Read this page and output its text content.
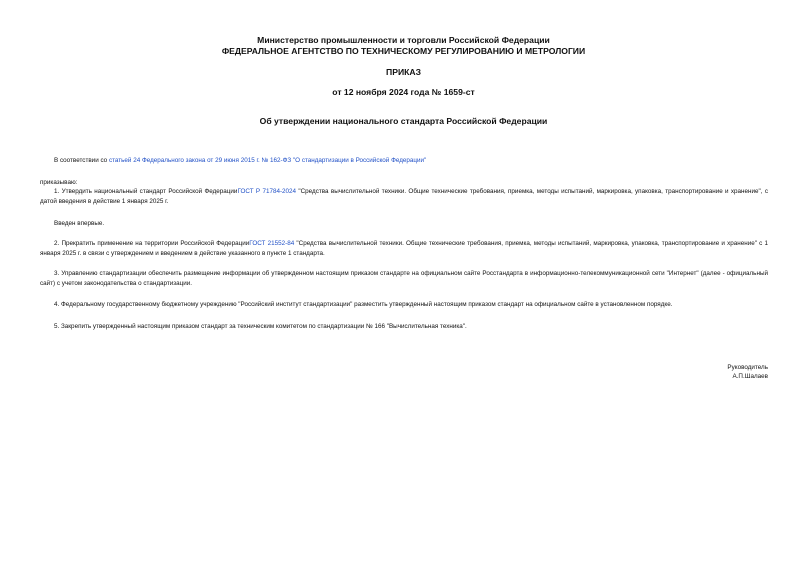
Министерство промышленности и торговли Российской Федерации
ФЕДЕРАЛЬНОЕ АГЕНТСТВО ПО ТЕХНИЧЕСКОМУ РЕГУЛИРОВАНИЮ И МЕТРОЛОГИИ
ПРИКАЗ
от 12 ноября 2024 года № 1659-ст
Об утверждении национального стандарта Российской Федерации
В соответствии со статьей 24 Федерального закона от 29 июня 2015 г. № 162-ФЗ "О стандартизации в Российской Федерации"
приказываю:
1. Утвердить национальный стандарт Российской ФедерацииГОСТ Р 71784-2024 "Средства вычислительной техники. Общие технические требования, приемка, методы испытаний, маркировка, упаковка, транспортирование и хранение", с датой введения в действие 1 января 2025 г.
Введен впервые.
2. Прекратить применение на территории Российской ФедерацииГОСТ 21552-84 "Средства вычислительной техники. Общие технические требования, приемка, методы испытаний, маркировка, упаковка, транспортирование и хранение" с 1 января 2025 г. в связи с утверждением и введением в действие указанного в пункте 1 стандарта.
3. Управлению стандартизации обеспечить размещение информации об утвержденном настоящим приказом стандарте на официальном сайте Росстандарта в информационно-телекоммуникационной сети "Интернет" (далее - официальный сайт) с учетом законодательства о стандартизации.
4. Федеральному государственному бюджетному учреждению "Российский институт стандартизации" разместить утвержденный настоящим приказом стандарт на официальном сайте в установленном порядке.
5. Закрепить утвержденный настоящим приказом стандарт за техническим комитетом по стандартизации № 166 "Вычислительная техника".
Руководитель
А.П.Шалаев
